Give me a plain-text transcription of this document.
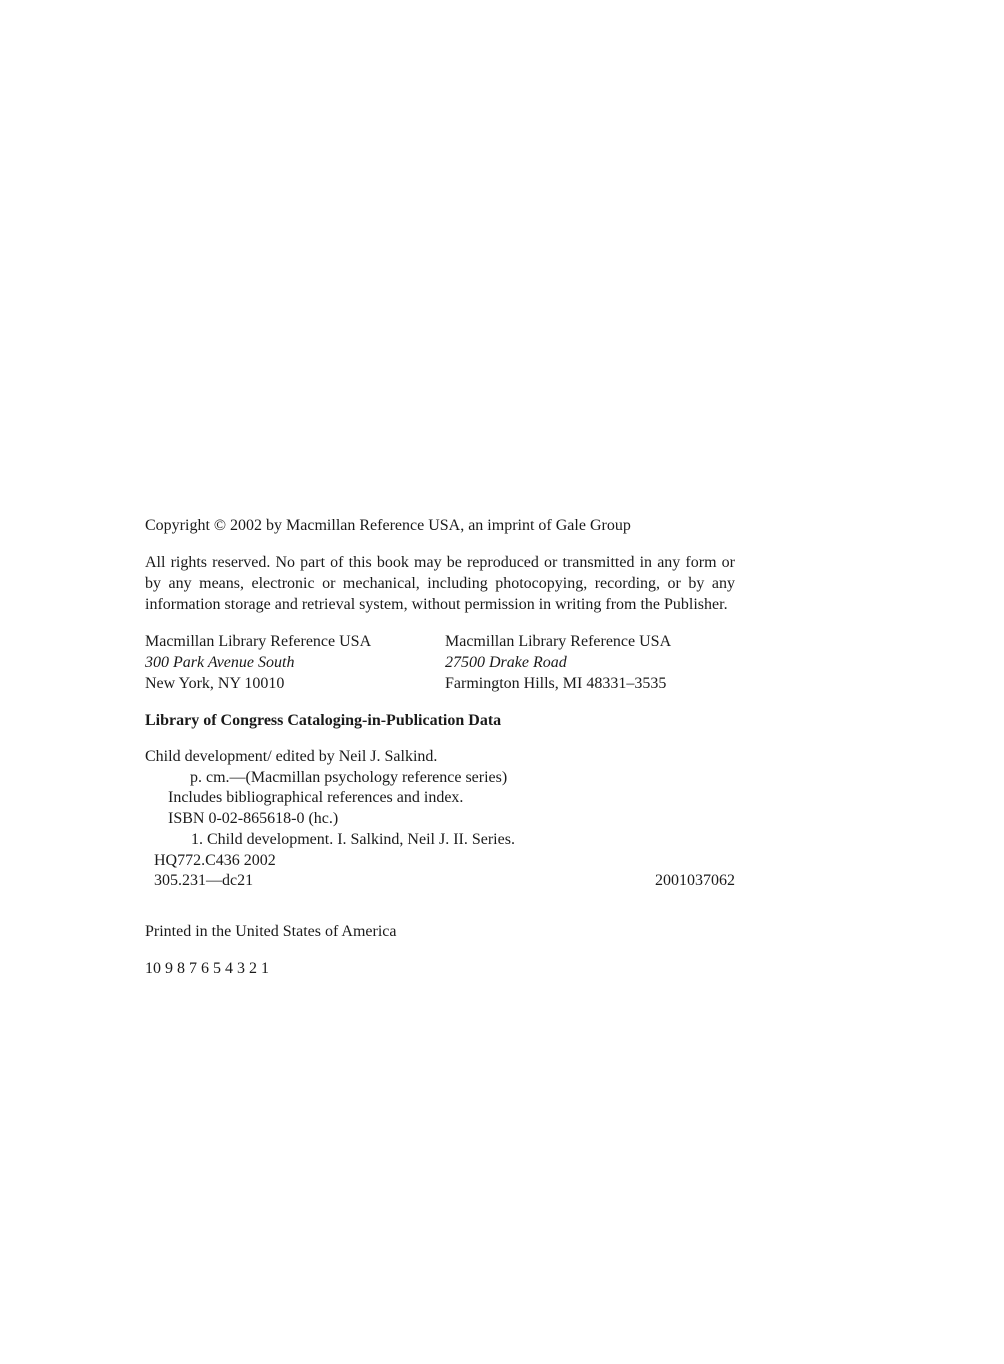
Copyright © 2002 by Macmillan Reference USA, an imprint of Gale Group
All rights reserved. No part of this book may be reproduced or transmitted in any form or by any means, electronic or mechanical, including photocopying, recording, or by any information storage and retrieval system, without permission in writing from the Publisher.
Macmillan Library Reference USA
300 Park Avenue South
New York, NY 10010
Macmillan Library Reference USA
27500 Drake Road
Farmington Hills, MI 48331–3535
Library of Congress Cataloging-in-Publication Data
Child development/ edited by Neil J. Salkind.
p. cm.—(Macmillan psychology reference series)
Includes bibliographical references and index.
ISBN 0-02-865618-0 (hc.)
1. Child development. I. Salkind, Neil J. II. Series.
HQ772.C436 2002
305.231—dc21	2001037062
Printed in the United States of America
10 9 8 7 6 5 4 3 2 1
